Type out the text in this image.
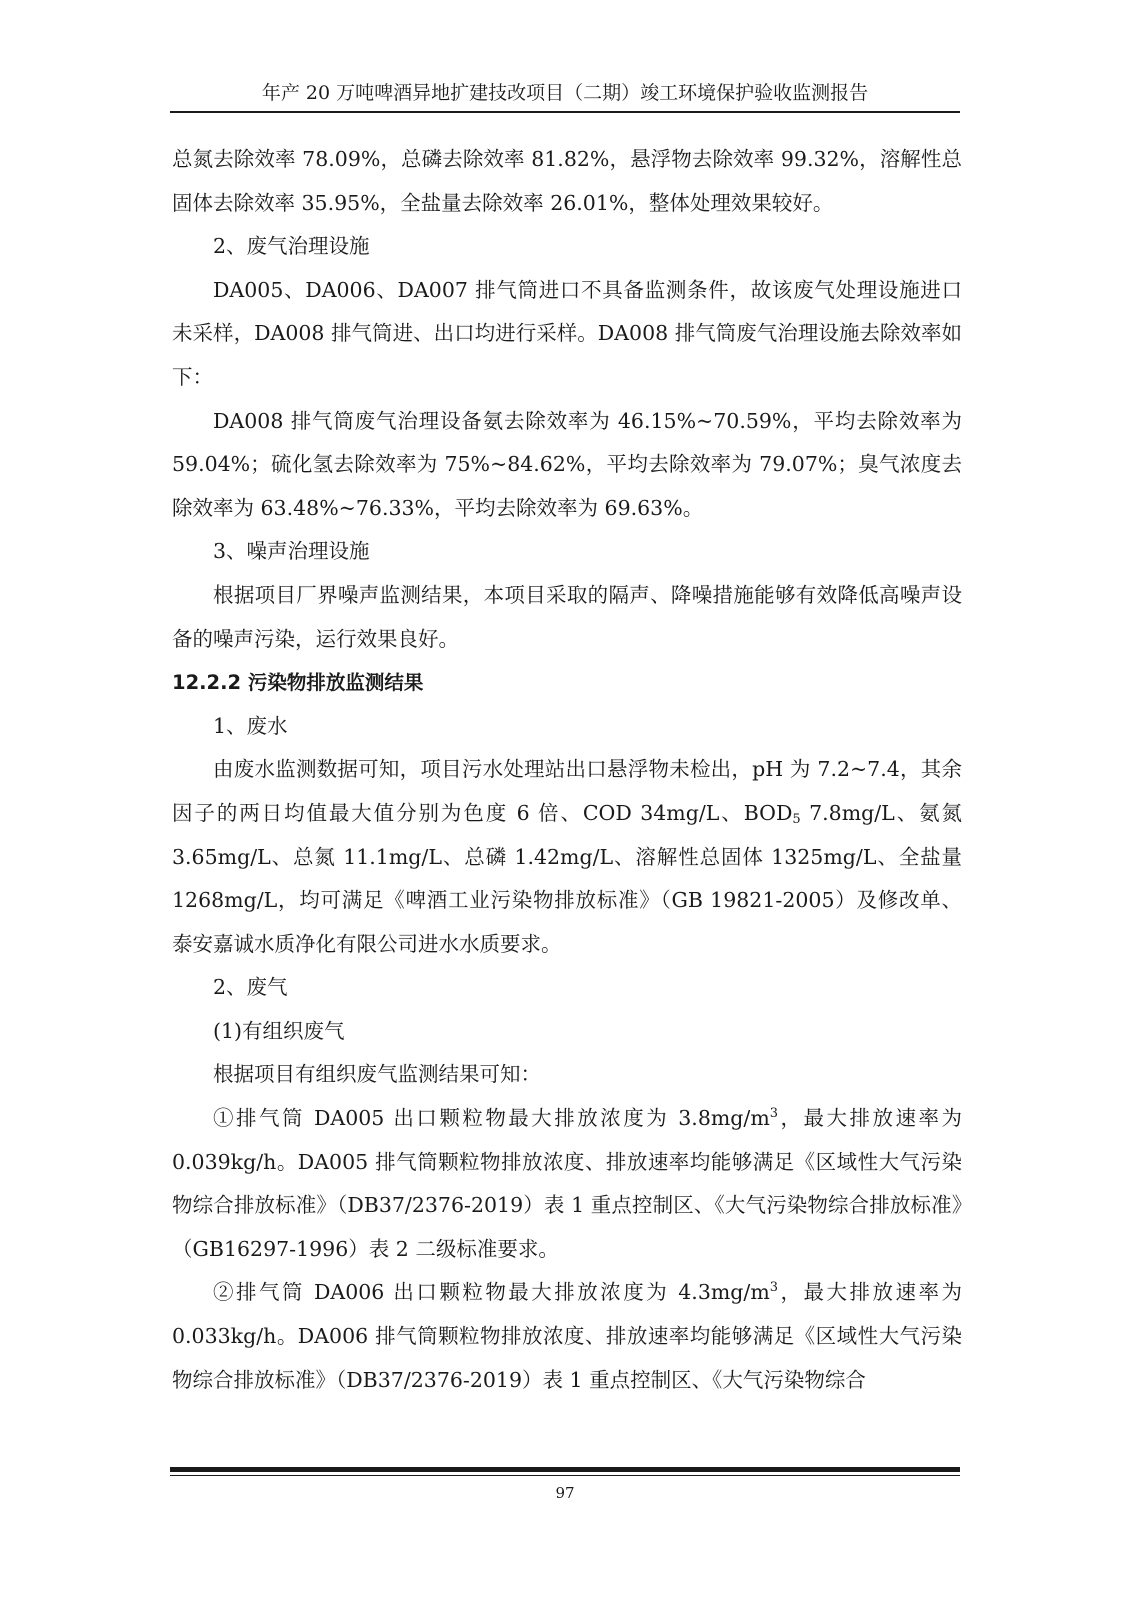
年产 20 万吨啤酒异地扩建技改项目（二期）竣工环境保护验收监测报告

总氮去除效率 78.09%，总磷去除效率 81.82%，悬浮物去除效率 99.32%，溶解性总固体去除效率 35.95%，全盐量去除效率 26.01%，整体处理效果较好。

2、废气治理设施

DA005、DA006、DA007 排气筒进口不具备监测条件，故该废气处理设施进口未采样，DA008 排气筒进、出口均进行采样。DA008 排气筒废气治理设施去除效率如下：

DA008 排气筒废气治理设备氨去除效率为 46.15%~70.59%，平均去除效率为 59.04%；硫化氢去除效率为 75%~84.62%，平均去除效率为 79.07%；臭气浓度去除效率为 63.48%~76.33%，平均去除效率为 69.63%。

3、噪声治理设施

根据项目厂界噪声监测结果，本项目采取的隔声、降噪措施能够有效降低高噪声设备的噪声污染，运行效果良好。

12.2.2 污染物排放监测结果

1、废水

由废水监测数据可知，项目污水处理站出口悬浮物未检出，pH 为 7.2~7.4，其余因子的两日均值最大值分别为色度 6 倍、COD 34mg/L、$BOD_5$ 7.8mg/L、氨氮 3.65mg/L、总氮 11.1mg/L、总磷 1.42mg/L、溶解性总固体 1325mg/L、全盐量 1268mg/L，均可满足《啤酒工业污染物排放标准》（GB 19821-2005）及修改单、泰安嘉诚水质净化有限公司进水水质要求。

2、废气

(1)有组织废气

根据项目有组织废气监测结果可知：

①排气筒 DA005 出口颗粒物最大排放浓度为 $3.8mg/m^3$，最大排放速率为 0.039kg/h。DA005 排气筒颗粒物排放浓度、排放速率均能够满足《区域性大气污染物综合排放标准》（DB37/2376-2019）表 1 重点控制区、《大气污染物综合排放标准》（GB16297-1996）表 2 二级标准要求。

②排气筒 DA006 出口颗粒物最大排放浓度为 $4.3mg/m^3$，最大排放速率为 0.033kg/h。DA006 排气筒颗粒物排放浓度、排放速率均能够满足《区域性大气污染物综合排放标准》（DB37/2376-2019）表 1 重点控制区、《大气污染物综合

97
